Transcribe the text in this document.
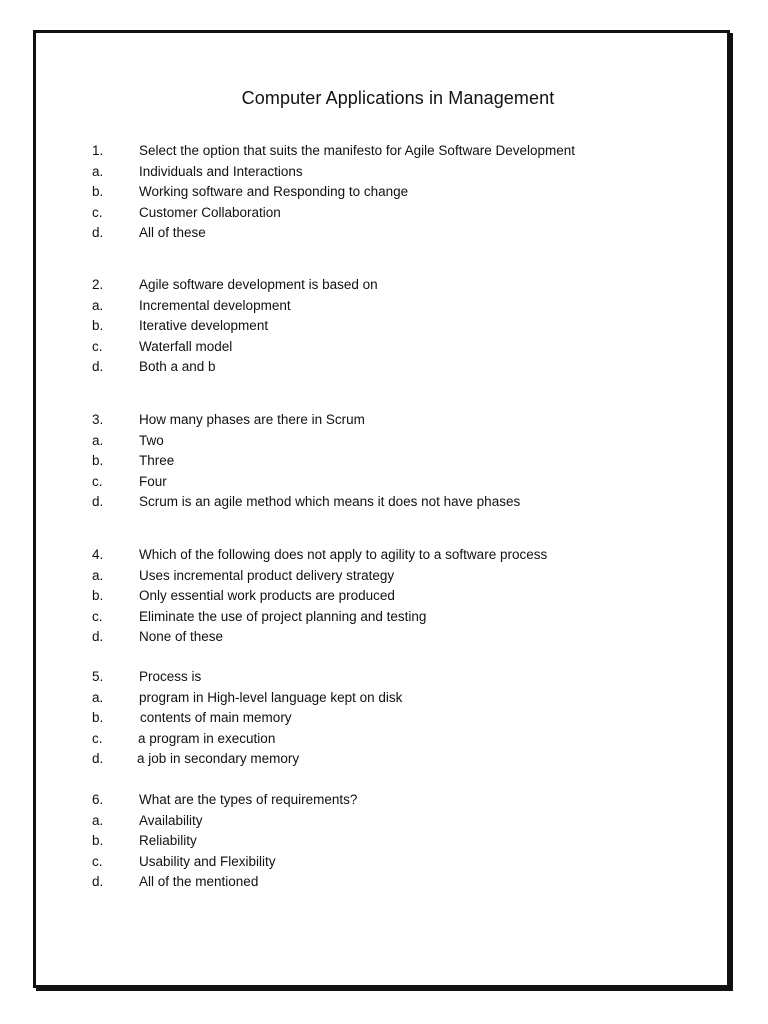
Computer Applications in Management
1.	Select the option that suits the manifesto for Agile Software Development
a.	Individuals and Interactions
b.	Working software and Responding to change
c.	Customer Collaboration
d.	All of these
2.	Agile software development is based on
a.	Incremental development
b.	Iterative development
c.	Waterfall model
d.	Both a and b
3.	How many phases are there in Scrum
a.	Two
b.	Three
c.	Four
d.	Scrum is an agile method which means it does not have phases
4.	Which of the following does not apply to agility to a software process
a.	Uses incremental product delivery strategy
b.	Only essential work products are produced
c.	Eliminate the use of project planning and testing
d.	None of these
5.	Process is
a.	program in High-level language kept on disk
b.	contents of main memory
c.	a program in execution
d. a job in secondary memory
6.	What are the types of requirements?
a.	Availability
b.	Reliability
c.	Usability and Flexibility
d.	All of the mentioned
